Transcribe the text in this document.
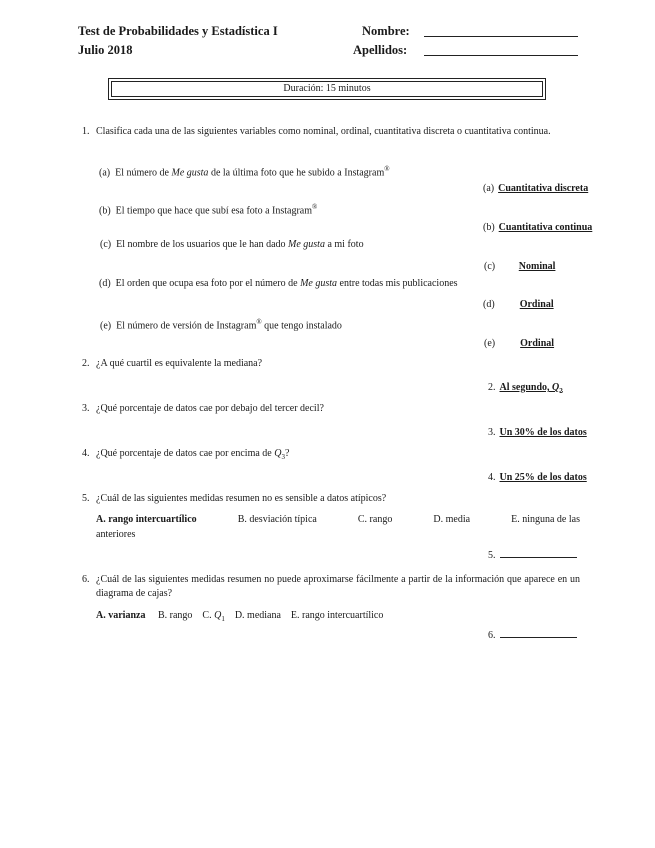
Test de Probabilidades y Estadística I
Julio 2018
Nombre:
Apellidos:
Duración: 15 minutos
1. Clasifica cada una de las siguientes variables como nominal, ordinal, cuantitativa discreta o cuantitativa continua.
(a) El número de Me gusta de la última foto que he subido a Instagram®
(a) Cuantitativa discreta
(b) El tiempo que hace que subí esa foto a Instagram®
(b) Cuantitativa continua
(c) El nombre de los usuarios que le han dado Me gusta a mi foto
(c) Nominal
(d) El orden que ocupa esa foto por el número de Me gusta entre todas mis publicaciones
(d)	Ordinal
(e) El número de versión de Instagram® que tengo instalado
(e)	Ordinal
2. ¿A qué cuartil es equivalente la mediana?
2. Al segundo, $Q_2$
3. ¿Qué porcentaje de datos cae por debajo del tercer decil?
3. Un 30% de los datos
4. ¿Qué porcentaje de datos cae por encima de $Q_3$?
4. Un 25% de los datos
5. ¿Cuál de las siguientes medidas resumen no es sensible a datos atípicos?
A. rango intercuartílico	B. desviación típica	C. rango	D. media	E. ninguna de las
anteriores
5.
6. ¿Cuál de las siguientes medidas resumen no puede aproximarse fácilmente a partir de la información que aparece en un diagrama de cajas?
A. varianza B. rango C. $Q_1$ D. mediana E. rango intercuartílico
6.
